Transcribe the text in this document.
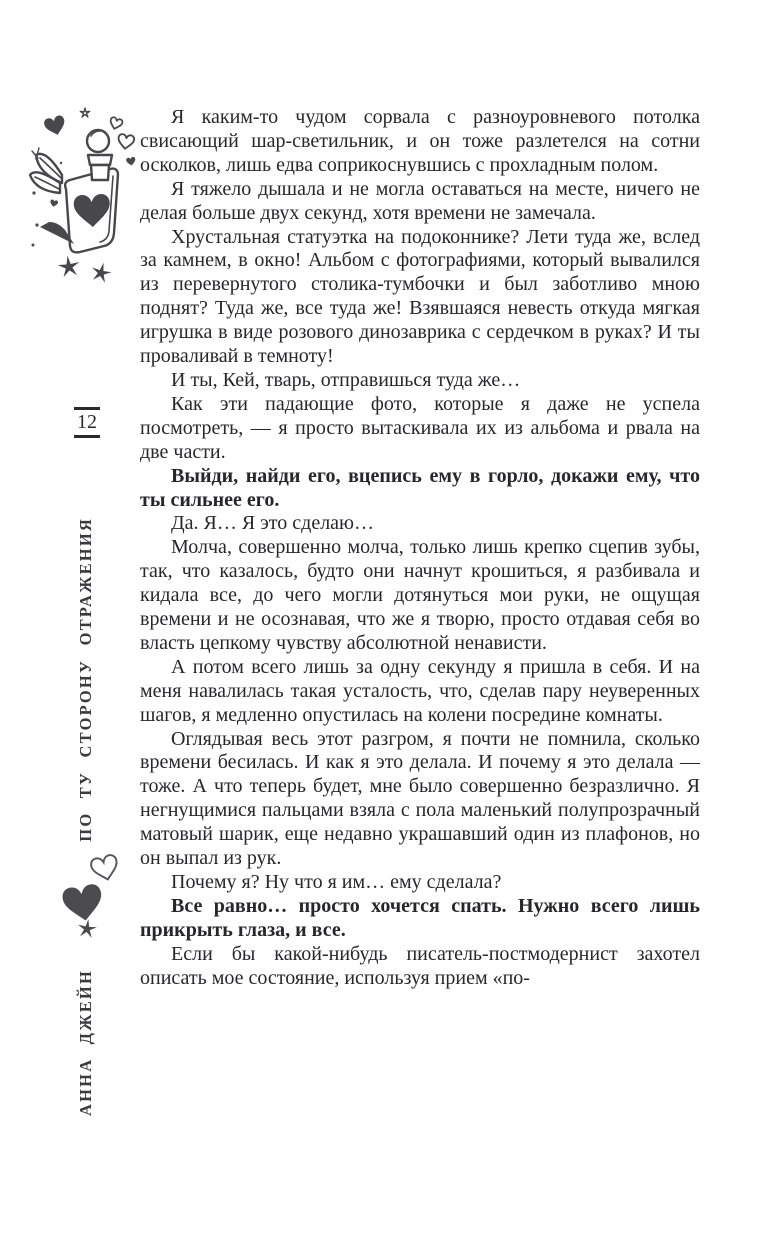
12
ПО ТУ СТОРОНУ ОТРАЖЕНИЯ
АННА ДЖЕЙН

Я каким-то чудом сорвала с разноуровневого потолка свисающий шар-светильник, и он тоже разлетелся на сотни осколков, лишь едва соприкоснувшись с прохладным полом.

Я тяжело дышала и не могла оставаться на месте, ничего не делая больше двух секунд, хотя времени не замечала.

Хрустальная статуэтка на подоконнике? Лети туда же, вслед за камнем, в окно! Альбом с фотографиями, который вывалился из перевернутого столика-тумбочки и был заботливо мною поднят? Туда же, все туда же! Взявшаяся невесть откуда мягкая игрушка в виде розового динозаврика с сердечком в руках? И ты проваливай в темноту!

И ты, Кей, тварь, отправишься туда же…

Как эти падающие фото, которые я даже не успела посмотреть, — я просто вытаскивала их из альбома и рвала на две части.

Выйди, найди его, вцепись ему в горло, докажи ему, что ты сильнее его.

Да. Я… Я это сделаю…

Молча, совершенно молча, только лишь крепко сцепив зубы, так, что казалось, будто они начнут крошиться, я разбивала и кидала все, до чего могли дотянуться мои руки, не ощущая времени и не осознавая, что же я творю, просто отдавая себя во власть цепкому чувству абсолютной ненависти.

А потом всего лишь за одну секунду я пришла в себя. И на меня навалилась такая усталость, что, сделав пару неуверенных шагов, я медленно опустилась на колени посредине комнаты.

Оглядывая весь этот разгром, я почти не помнила, сколько времени бесилась. И как я это делала. И почему я это делала — тоже. А что теперь будет, мне было совершенно безразлично. Я негнущимися пальцами взяла с пола маленький полупрозрачный матовый шарик, еще недавно украшавший один из плафонов, но он выпал из рук.

Почему я? Ну что я им… ему сделала?

Все равно… просто хочется спать. Нужно всего лишь прикрыть глаза, и все.

Если бы какой-нибудь писатель-постмодернист захотел описать мое состояние, используя прием «по-
